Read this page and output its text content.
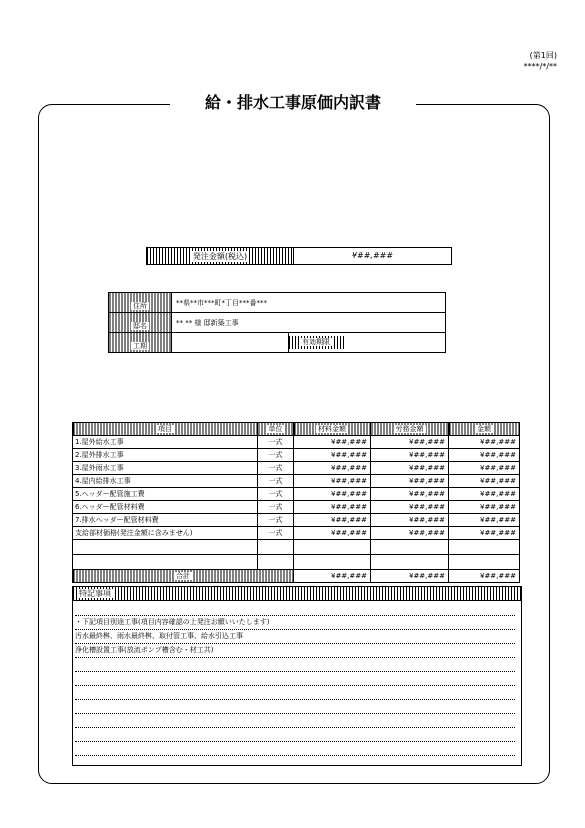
(第1回)
****/*/**
給・排水工事原価内訳書
発注金額(税込)	¥##,###
住所	**県**市***町*丁目***番***	
邸名	** ** 様 邸新築工事	
工期		有効期限
項目	単位	材料金額	労務金額	金額
1.屋外給水工事	一式	¥##,###	¥##,###	¥##,###
2.屋外排水工事	一式	¥##,###	¥##,###	¥##,###
3.屋外雨水工事	一式	¥##,###	¥##,###	¥##,###
4.屋内給排水工事	一式	¥##,###	¥##,###	¥##,###
5.ヘッダー配管施工費	一式	¥##,###	¥##,###	¥##,###
6.ヘッダー配管材料費	一式	¥##,###	¥##,###	¥##,###
7.排水ヘッダー配管材料費	一式	¥##,###	¥##,###	¥##,###
支給部材価格(発注金額に含みません)	一式	¥##,###	¥##,###	¥##,###

合計		¥##,###	¥##,###	¥##,###
特記事項
・下記項目別途工事(項目内容確認の上発注お願いいたします)
汚水最終桝、雨水最終桝、取付管工事、給水引込工事
浄化槽設置工事(放流ポンプ槽含む・材工共)
